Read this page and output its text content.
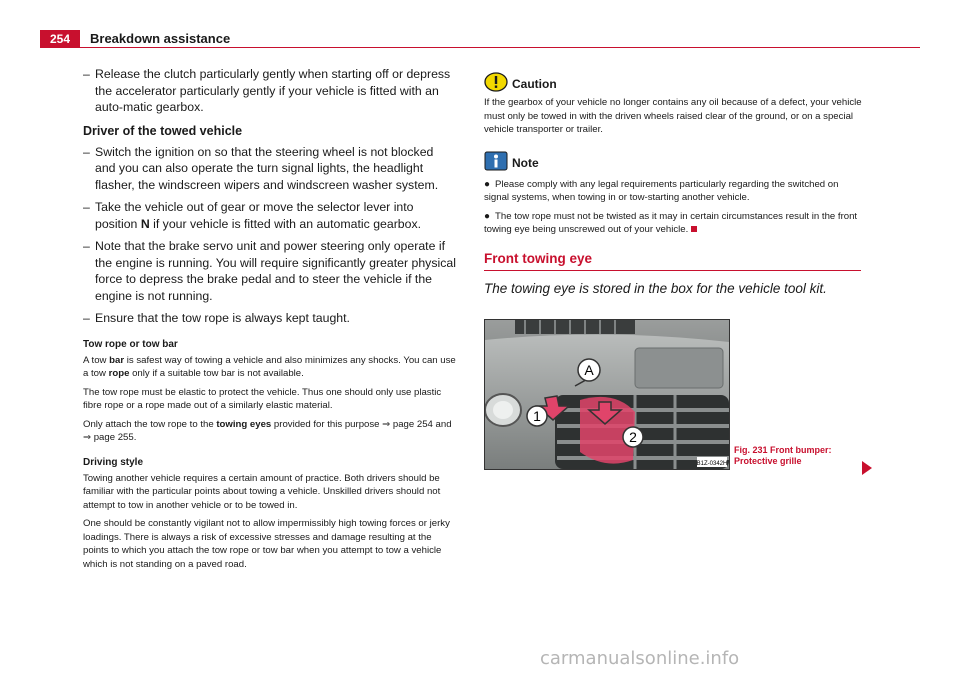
254	Breakdown assistance
– Release the clutch particularly gently when starting off or depress the accelerator particularly gently if your vehicle is fitted with an auto-matic gearbox.
Driver of the towed vehicle
– Switch the ignition on so that the steering wheel is not blocked and you can also operate the turn signal lights, the headlight flasher, the windscreen wipers and windscreen washer system.
– Take the vehicle out of gear or move the selector lever into position N if your vehicle is fitted with an automatic gearbox.
– Note that the brake servo unit and power steering only operate if the engine is running. You will require significantly greater physical force to depress the brake pedal and to steer the vehicle if the engine is not running.
– Ensure that the tow rope is always kept taught.
Tow rope or tow bar
A tow bar is safest way of towing a vehicle and also minimizes any shocks. You can use a tow rope only if a suitable tow bar is not available.
The tow rope must be elastic to protect the vehicle. Thus one should only use plastic fibre rope or a rope made out of a similarly elastic material.
Only attach the tow rope to the towing eyes provided for this purpose ⇒ page 254 and ⇒ page 255.
Driving style
Towing another vehicle requires a certain amount of practice. Both drivers should be familiar with the particular points about towing a vehicle. Unskilled drivers should not attempt to tow in another vehicle or to be towed in.
One should be constantly vigilant not to allow impermissibly high towing forces or jerky loadings. There is always a risk of excessive stresses and damage resulting at the points to which you attach the tow rope or tow bar when you attempt to tow a vehicle which is not standing on a paved road.
Caution
If the gearbox of your vehicle no longer contains any oil because of a defect, your vehicle must only be towed in with the driven wheels raised clear of the ground, or on a special vehicle transporter or trailer.
Note
● Please comply with any legal requirements particularly regarding the switched on signal systems, when towing in or tow-starting another vehicle.
● The tow rope must not be twisted as it may in certain circumstances result in the front towing eye being unscrewed out of your vehicle.
Front towing eye
The towing eye is stored in the box for the vehicle tool kit.
A
1
2
B1Z-0342H
Fig. 231 Front bumper:
Protective grille
carmanualsonline.info
